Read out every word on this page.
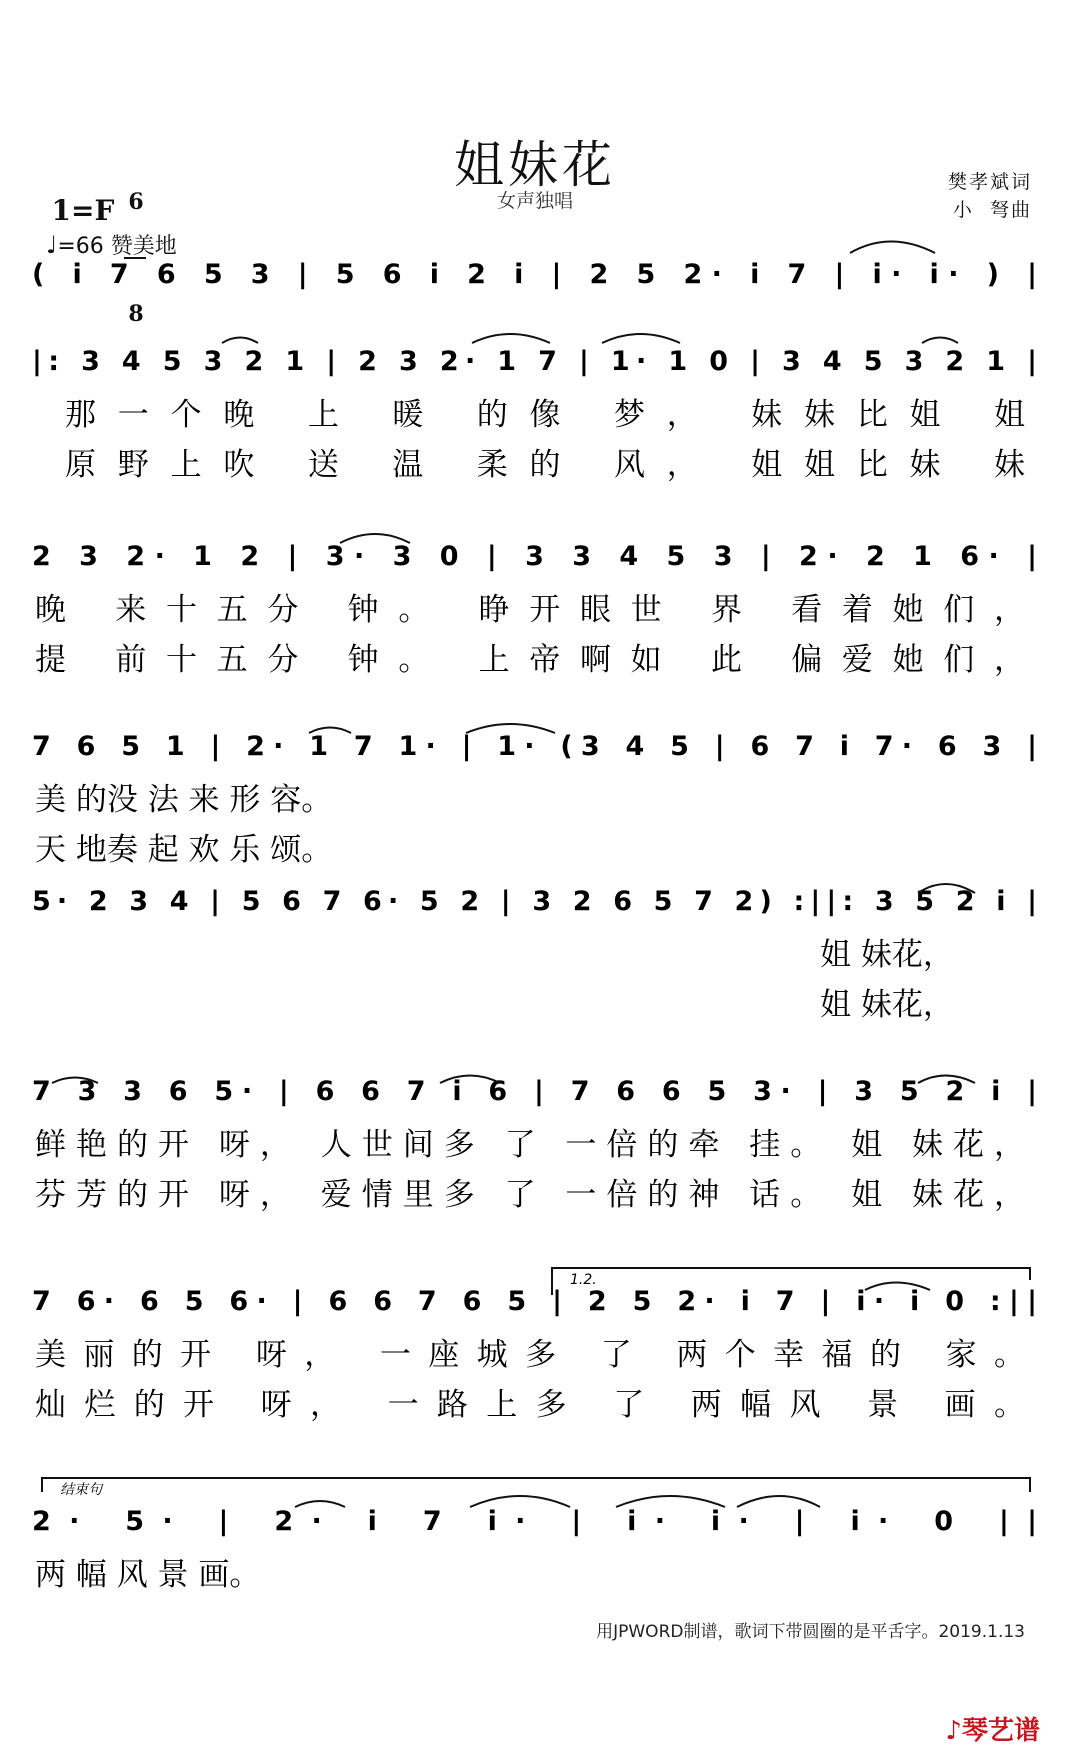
姐妹花
女声独唱

1=F

6

8

♩=66 赞美地

樊孝斌词
小  弩曲
( i 7 6 5 3 | 5 6 i 2 i | 2 5 2· i 7 | i· i· ) |
|: 3 4 5 3 2 1 | 2 3 2· 1 7 | 1· 1 0 | 3 4 5 3 2 1 |
那一个晚 上 暖 的像 梦， 妹妹比姐 姐
原野上吹 送 温 柔的 风， 姐姐比妹 妹
2 3 2· 1 2 | 3· 3 0 | 3 3 4 5 3 | 2· 2 1 6· |
晚 来十五分 钟。 睁开眼世 界 看着她们，
提 前十五分 钟。 上帝啊如 此 偏爱她们，
7 6 5 1 | 2· 1 7 1· | 1· (3 4 5 | 6 7 i 7· 6 3 |
美 的没 法 来 形 容。
天 地奏 起 欢 乐 颂。
5· 2 3 4 | 5 6 7 6· 5 2 | 3 2 6 5 7 2) :||: 3 5 2 i |
姐 妹花，
姐 妹花，
7 3 3 6 5· | 6 6 7 i 6 | 7 6 6 5 3· | 3 5 2 i |
鲜艳的开 呀， 人世间多 了 一倍的牵 挂。 姐 妹花，
芬芳的开 呀， 爱情里多 了 一倍的神 话。 姐 妹花，
7 6· 6 5 6· | 6 6 7 6 5 | 2 5 2· i 7 | i· i 0 :||
美丽的开 呀， 一座城多 了 两个幸福的 家。
灿烂的开 呀， 一路上多 了 两幅风 景 画。
2· 5· | 2· i 7 i· | i· i· | i· 0 ||
两 幅 风 景 画。
1.2.
结束句
用JPWORD制谱，歌词下带圆圈的是平舌字。2019.1.13
♪琴艺谱
